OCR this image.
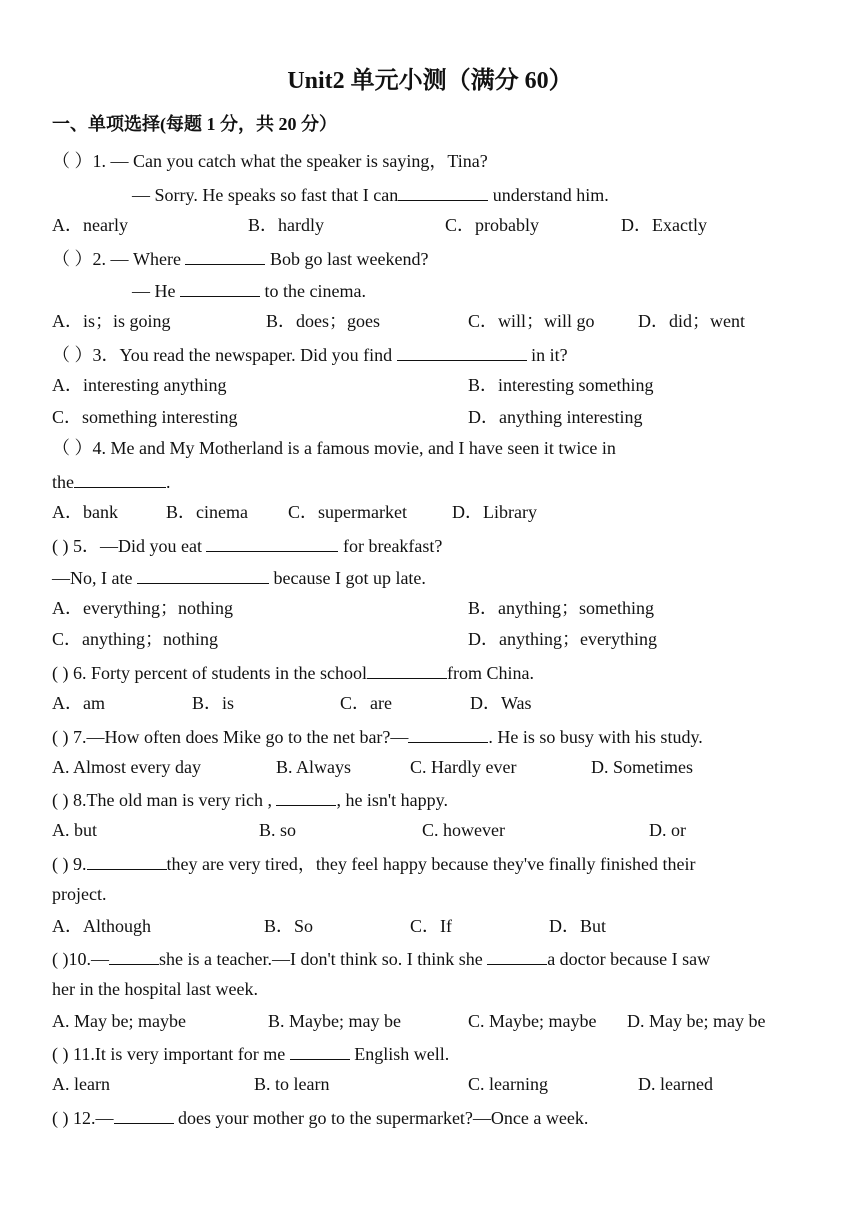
Unit2 单元小测（满分 60）
一、单项选择(每题 1 分，共 20 分）
（ ）1. — Can you catch what the speaker is saying，Tina?
— Sorry. He speaks so fast that I can	understand him.
A．nearly	B．hardly	C．probably	D．Exactly
（ ）2. — Where	Bob go last weekend?
— He	to the cinema.
A．is；is going	B．does；goes	C．will；will go D．did；went
（ ）3．You read the newspaper. Did you find	in it?
A．interesting anything	B．interesting something
C．something interesting	D．anything interesting
（ ）4. Me and My Motherland is a famous movie, and I have seen it twice in
the	.
A．bank	B．cinema C．supermarket	D．Library
( ) 5．—Did you eat	for breakfast?
—No, I ate	because I got up late.
A．everything；nothing	B．anything；something
C．anything；nothing	D．anything；everything
( ) 6. Forty percent of students in the school	from China.
A．am	B．is	C．are	D．Was
( ) 7.—How often does Mike go to the net bar?—	. He is so busy with his study.
A. Almost every day	B. Always	C. Hardly ever	D. Sometimes
( ) 8.The old man is very rich ,	, he isn't happy.
A. but	B. so	C. however	D. or
( ) 9.	they are very tired，they feel happy because they've finally finished their
project.
A．Although	B．So	C．If	D．But
( )10.—	she is a teacher.—I don't think so. I think she	a doctor because I saw
her in the hospital last week.
A. May be; maybe	B. Maybe; may be	C. Maybe; maybe D. May be; may be
( ) 11.It is very important for me	English well.
A. learn	B. to learn	C. learning	D. learned
( ) 12.—	does your mother go to the supermarket?—Once a week.
